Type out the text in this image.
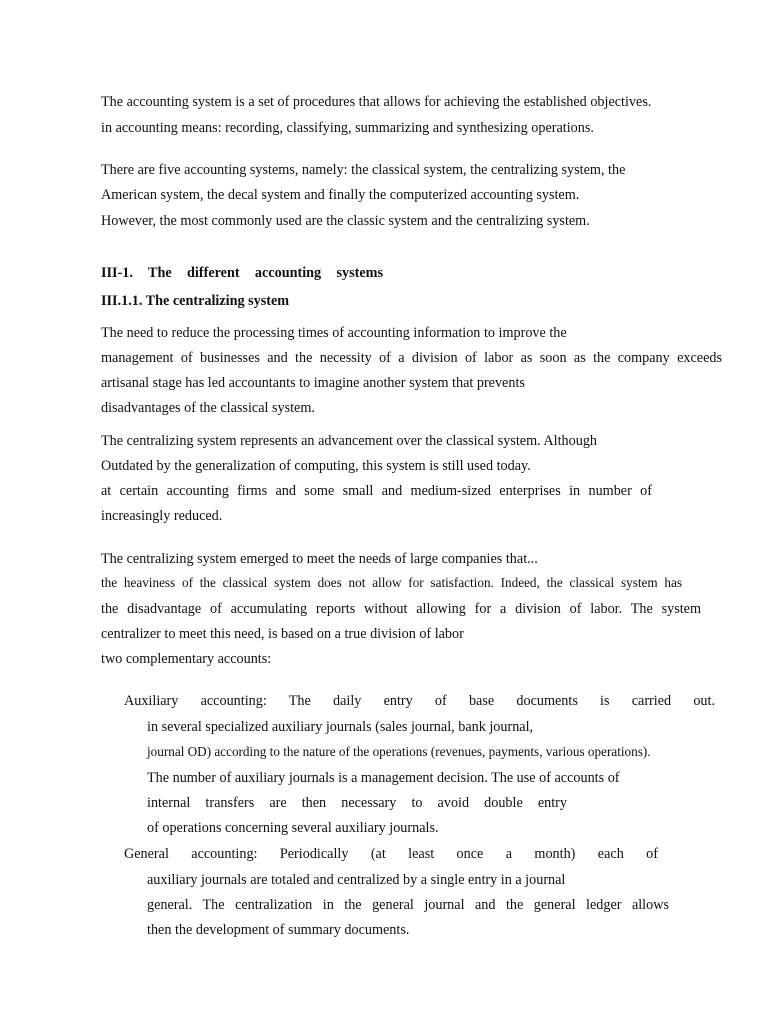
The accounting system is a set of procedures that allows for achieving the established objectives.
in accounting means: recording, classifying, summarizing and synthesizing operations.
There are five accounting systems, namely: the classical system, the centralizing system, the
American system, the decal system and finally the computerized accounting system.
However, the most commonly used are the classic system and the centralizing system.
III-1. The different accounting systems
III.1.1. The centralizing system
The need to reduce the processing times of accounting information to improve the
management of businesses and the necessity of a division of labor as soon as the company exceeds
artisanal stage has led accountants to imagine another system that prevents
disadvantages of the classical system.
The centralizing system represents an advancement over the classical system. Although
Outdated by the generalization of computing, this system is still used today.
at certain accounting firms and some small and medium-sized enterprises in number of
increasingly reduced.
The centralizing system emerged to meet the needs of large companies that...
the heaviness of the classical system does not allow for satisfaction. Indeed, the classical system has
the disadvantage of accumulating reports without allowing for a division of labor. The system
centralizer to meet this need, is based on a true division of labor
two complementary accounts:
Auxiliary accounting: The daily entry of base documents is carried out.
in several specialized auxiliary journals (sales journal, bank journal,
journal OD) according to the nature of the operations (revenues, payments, various operations).
The number of auxiliary journals is a management decision. The use of accounts of
internal transfers are then necessary to avoid double entry
of operations concerning several auxiliary journals.
General accounting: Periodically (at least once a month) each of
auxiliary journals are totaled and centralized by a single entry in a journal
general. The centralization in the general journal and the general ledger allows
then the development of summary documents.
